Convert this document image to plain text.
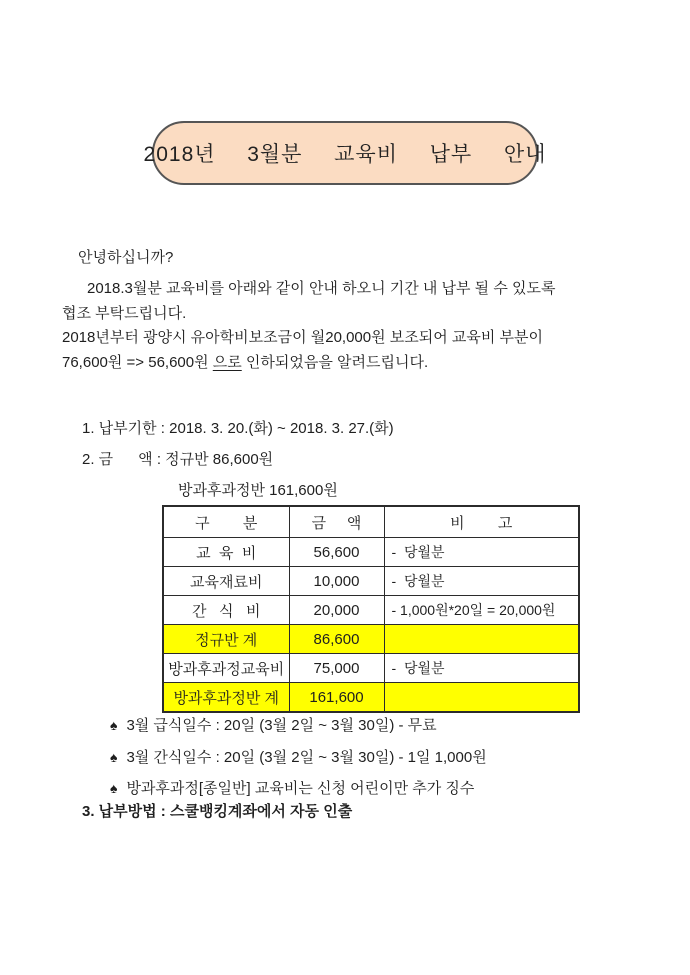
2018년  3월분  교육비  납부  안내
안녕하십니까?
2018.3월분 교육비를 아래와 같이 안내 하오니 기간 내 납부 될 수 있도록
협조 부탁드립니다.
2018년부터 광양시 유아학비보조금이 월20,000원 보조되어 교육비 부분이
76,600원 => 56,600원 으로 인하되었음을 알려드립니다.
1. 납부기한 : 2018. 3. 20.(화) ~ 2018. 3. 27.(화)
2. 금      액 : 정규반 86,600원
방과후과정반 161,600원
구        분	금     액	비        고
교  육  비	56,600	-  당월분
교육재료비	10,000	-  당월분
간   식   비	20,000	- 1,000원*20일 = 20,000원
정규반 계	86,600	
방과후과정교육비	75,000	-  당월분
방과후과정반 계	161,600	
♠ 3월 급식일수 : 20일 (3월 2일 ~ 3월 30일) - 무료
♠ 3월 간식일수 : 20일 (3월 2일 ~ 3월 30일) - 1일 1,000원
♠ 방과후과정[종일반] 교육비는 신청 어린이만 추가 징수
3. 납부방법 : 스쿨뱅킹계좌에서 자동 인출
